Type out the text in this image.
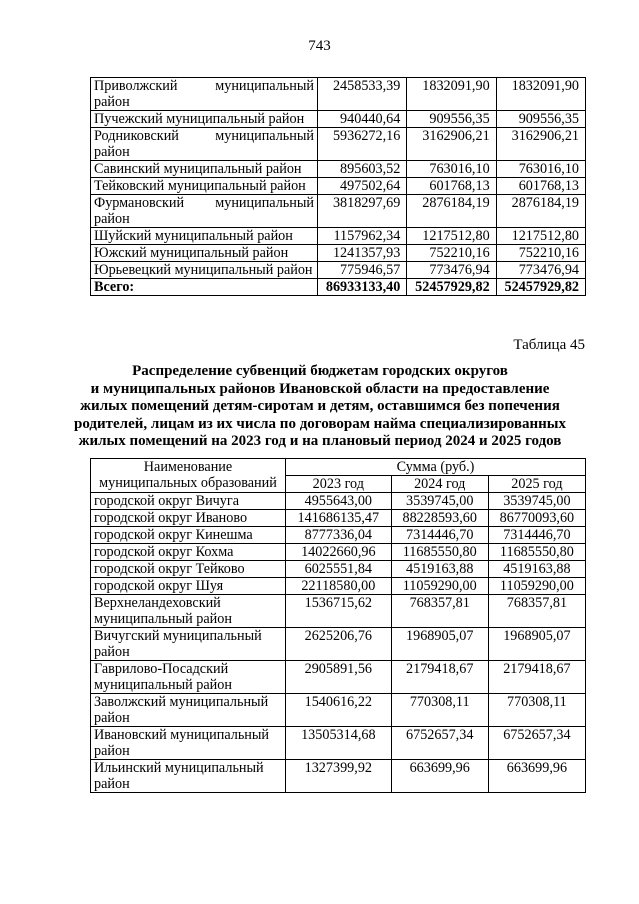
743
Приволжский муниципальный район	2458533,39	1832091,90	1832091,90
Пучежский муниципальный район	940440,64	909556,35	909556,35
Родниковский муниципальный район	5936272,16	3162906,21	3162906,21
Савинский муниципальный район	895603,52	763016,10	763016,10
Тейковский муниципальный район	497502,64	601768,13	601768,13
Фурмановский муниципальный район	3818297,69	2876184,19	2876184,19
Шуйский муниципальный район	1157962,34	1217512,80	1217512,80
Южский муниципальный район	1241357,93	752210,16	752210,16
Юрьевецкий муниципальный район	775946,57	773476,94	773476,94
Всего:	86933133,40	52457929,82	52457929,82
Таблица 45
Распределение субвенций бюджетам городских округов
и муниципальных районов Ивановской области на предоставление
жилых помещений детям-сиротам и детям, оставшимся без попечения
родителей, лицам из их числа по договорам найма специализированных
жилых помещений на 2023 год и на плановый период 2024 и 2025 годов
Наименование муниципальных образований	Сумма (руб.)		
	2023 год	2024 год	2025 год
городской округ Вичуга	4955643,00	3539745,00	3539745,00
городской округ Иваново	141686135,47	88228593,60	86770093,60
городской округ Кинешма	8777336,04	7314446,70	7314446,70
городской округ Кохма	14022660,96	11685550,80	11685550,80
городской округ Тейково	6025551,84	4519163,88	4519163,88
городской округ Шуя	22118580,00	11059290,00	11059290,00
Верхнеландеховский муниципальный район	1536715,62	768357,81	768357,81
Вичугский муниципальный район	2625206,76	1968905,07	1968905,07
Гаврилово-Посадский муниципальный район	2905891,56	2179418,67	2179418,67
Заволжский муниципальный район	1540616,22	770308,11	770308,11
Ивановский муниципальный район	13505314,68	6752657,34	6752657,34
Ильинский муниципальный район	1327399,92	663699,96	663699,96
